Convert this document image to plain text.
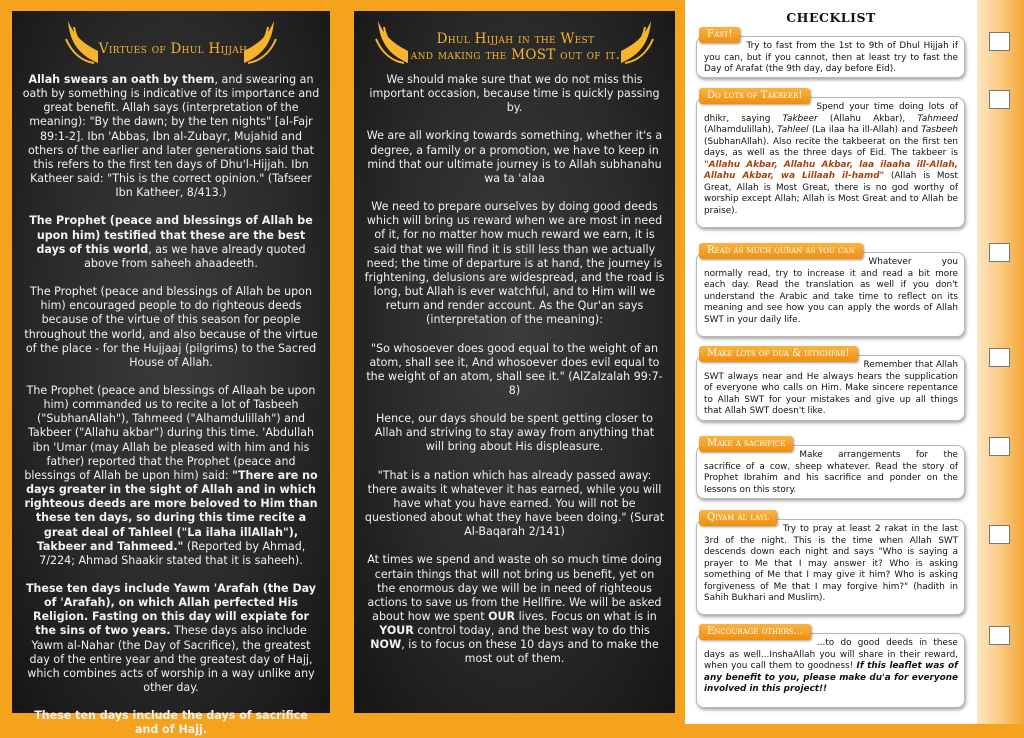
Virtues of Dhul Hijjah

Allah swears an oath by them, and swearing an oath by something is indicative of its importance and great benefit. Allah says (interpretation of the meaning): "By the dawn; by the ten nights" [al-Fajr 89:1-2]. Ibn 'Abbas, Ibn al-Zubayr, Mujahid and others of the earlier and later generations said that this refers to the first ten days of Dhu'l-Hijjah. Ibn Katheer said: "This is the correct opinion." (Tafseer Ibn Katheer, 8/413.)

The Prophet (peace and blessings of Allah be upon him) testified that these are the best days of this world, as we have already quoted above from saheeh ahaadeeth.

The Prophet (peace and blessings of Allah be upon him) encouraged people to do righteous deeds because of the virtue of this season for people throughout the world, and also because of the virtue of the place - for the Hujjaaj (pilgrims) to the Sacred House of Allah.

The Prophet (peace and blessings of Allaah be upon him) commanded us to recite a lot of Tasbeeh ("SubhanAllah"), Tahmeed ("Alhamdulillah") and Takbeer ("Allahu akbar") during this time. 'Abdullah ibn 'Umar (may Allah be pleased with him and his father) reported that the Prophet (peace and blessings of Allah be upon him) said: "There are no days greater in the sight of Allah and in which righteous deeds are more beloved to Him than these ten days, so during this time recite a great deal of Tahleel ("La ilaha illAllah"), Takbeer and Tahmeed." (Reported by Ahmad, 7/224; Ahmad Shaakir stated that it is saheeh).

These ten days include Yawm 'Arafah (the Day of 'Arafah), on which Allah perfected His Religion. Fasting on this day will expiate for the sins of two years. These days also include Yawm al-Nahar (the Day of Sacrifice), the greatest day of the entire year and the greatest day of Hajj, which combines acts of worship in a way unlike any other day.

These ten days include the days of sacrifice and of Hajj.

Dhul Hijjah in the West
and making the MOST out of it.

We should make sure that we do not miss this important occasion, because time is quickly passing by.

We are all working towards something, whether it's a degree, a family or a promotion, we have to keep in mind that our ultimate journey is to Allah subhanahu wa ta 'alaa

We need to prepare ourselves by doing good deeds which will bring us reward when we are most in need of it, for no matter how much reward we earn, it is said that we will find it is still less than we actually need; the time of departure is at hand, the journey is frightening, delusions are widespread, and the road is long, but Allah is ever watchful, and to Him will we return and render account. As the Qur'an says (interpretation of the meaning):

"So whosoever does good equal to the weight of an atom, shall see it, And whosoever does evil equal to the weight of an atom, shall see it." (AlZalzalah 99:7-8)

Hence, our days should be spent getting closer to Allah and striving to stay away from anything that will bring about His displeasure.

"That is a nation which has already passed away: there awaits it whatever it has earned, while you will have what you have earned. You will not be questioned about what they have been doing." (Surat Al-Baqarah 2/141)

At times we spend and waste oh so much time doing certain things that will not bring us benefit, yet on the enormous day we will be in need of righteous actions to save us from the Hellfire. We will be asked about how we spent OUR lives. Focus on what is in YOUR control today, and the best way to do this NOW, is to focus on these 10 days and to make the most out of them.

CHECKLIST
Fast!
Try to fast from the 1st to 9th of Dhul Hijjah if you can, but if you cannot, then at least try to fast the Day of Arafat (the 9th day, day before Eid).
Do lots of Takbeer!
Spend your time doing lots of dhikr, saying Takbeer (Allahu Akbar), Tahmeed (Alhamdulillah), Tahleel (La ilaa ha ill-Allah) and Tasbeeh (SubhanAllah). Also recite the takbeerat on the first ten days, as well as the three days of Eid. The takbeer is "Allahu Akbar, Allahu Akbar, laa ilaaha ill-Allah, Allahu Akbar, wa Lillaah il-hamd" (Allah is Most Great, Allah is Most Great, there is no god worthy of worship except Allah; Allah is Most Great and to Allah be praise).
Read as much quran as you can
Whatever you normally read, try to increase it and read a bit more each day. Read the translation as well if you don't understand the Arabic and take time to reflect on its meaning and see how you can apply the words of Allah SWT in your daily life.
Make lots of dua & istighfar!
Remember that Allah SWT always near and He always hears the supplication of everyone who calls on Him. Make sincere repentance to Allah SWT for your mistakes and give up all things that Allah SWT doesn't like.
Make a sacrifice
Make arrangements for the sacrifice of a cow, sheep whatever. Read the story of Prophet Ibrahim and his sacrifice and ponder on the lessons on this story.
Qiyam al layl
Try to pray at least 2 rakat in the last 3rd of the night. This is the time when Allah SWT descends down each night and says "Who is saying a prayer to Me that I may answer it? Who is asking something of Me that I may give it him? Who is asking forgiveness of Me that I may forgive him?" (hadith in Sahih Bukhari and Muslim).
Encourage others...
...to do good deeds in these days as well...InshaAllah you will share in their reward, when you call them to goodness! If this leaflet was of any benefit to you, please make du'a for everyone involved in this project!!
